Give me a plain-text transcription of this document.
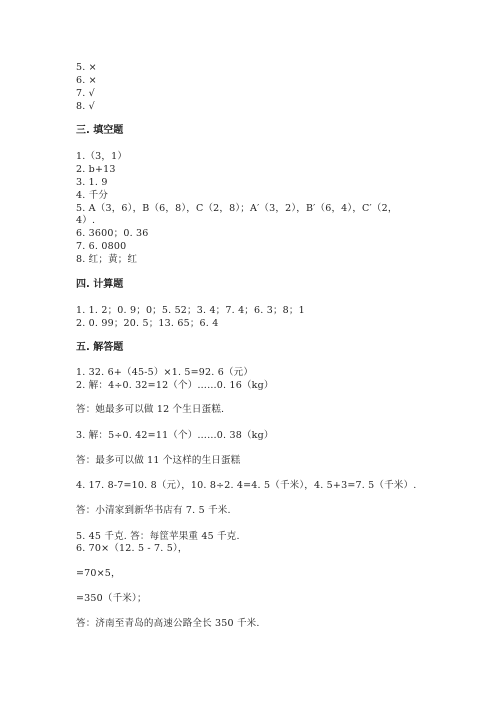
5. ×
6. ×
7. √
8. √
三. 填空题
1.（3，1）
2. b+13
3. 1. 9
4. 千分
5. A（3，6），B（6，8），C（2，8）；A′（3，2），B′（6，4），C′（2，
4）.
6. 3600；0. 36
7. 6. 0800
8. 红；黄；红
四. 计算题
1. 1. 2；0. 9；0；5. 52；3. 4；7. 4；6. 3；8；1
2. 0. 99；20. 5；13. 65；6. 4
五. 解答题
1. 32. 6+（45-5）×1. 5=92. 6（元）
2. 解：4÷0. 32=12（个）……0. 16（kg）
答：她最多可以做 12 个生日蛋糕.
3. 解：5÷0. 42=11（个）……0. 38（kg）
答：最多可以做 11 个这样的生日蛋糕
4. 17. 8-7=10. 8（元），10. 8÷2. 4=4. 5（千米），4. 5+3=7. 5（千米）.
答：小清家到新华书店有 7. 5 千米.
5. 45 千克. 答：每筐苹果重 45 千克.
6. 70×（12. 5 - 7. 5），
=70×5，
=350（千米）；
答：济南至青岛的高速公路全长 350 千米.
